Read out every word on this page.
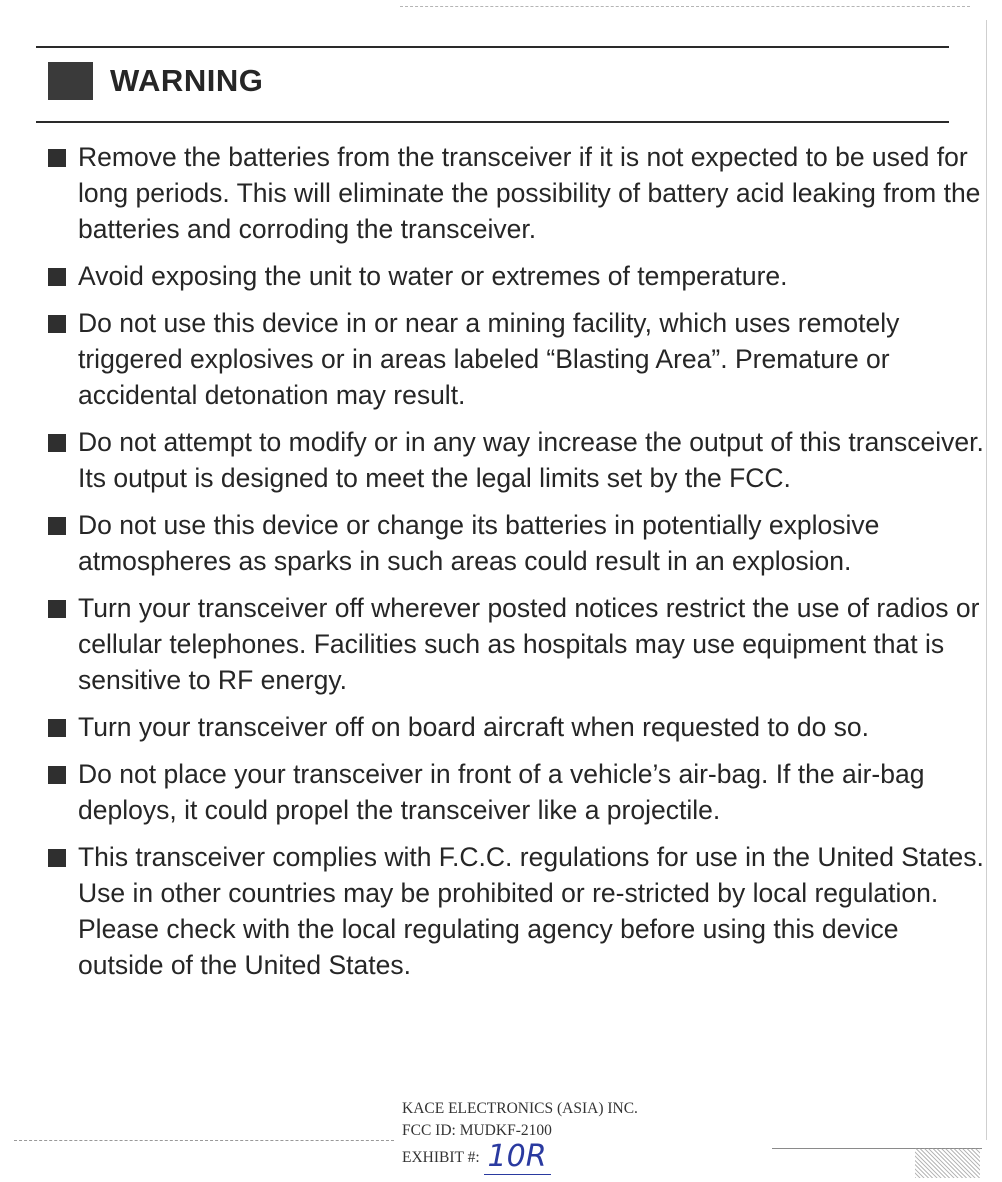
WARNING
Remove the batteries from the transceiver if it is not expected to be used for long periods. This will eliminate the possibility of battery acid leaking from the batteries and corroding the transceiver.
Avoid exposing the unit to water or extremes of temperature.
Do not use this device in or near a mining facility, which uses remotely triggered explosives or in areas labeled “Blasting Area”. Premature or accidental detonation may result.
Do not attempt to modify or in any way increase the output of this transceiver. Its output is designed to meet the legal limits set by the FCC.
Do not use this device or change its batteries in potentially explosive atmospheres as sparks in such areas could result in an explosion.
Turn your transceiver off wherever posted notices restrict the use of radios or cellular telephones. Facilities such as hospitals may use equipment that is sensitive to RF energy.
Turn your transceiver off on board aircraft when requested to do so.
Do not place your transceiver in front of a vehicle’s air-bag. If the air-bag deploys, it could propel the transceiver like a projectile.
This transceiver complies with F.C.C. regulations for use in the United States. Use in other countries may be prohibited or re-stricted by local regulation. Please check with the local regulating agency before using this device outside of the United States.
KACE ELECTRONICS (ASIA) INC.
FCC ID: MUDKF-2100
EXHIBIT #: 10R
